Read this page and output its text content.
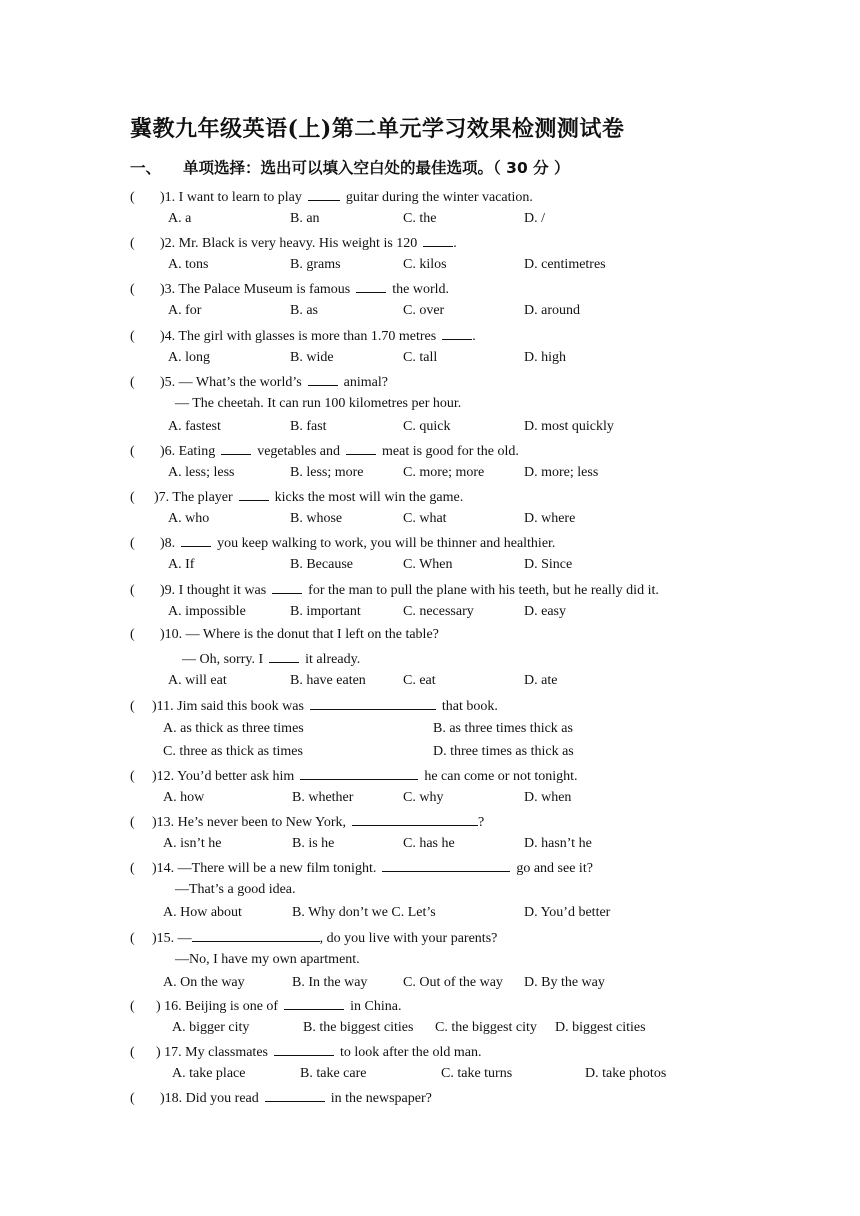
冀教九年级英语(上)第二单元学习效果检测测试卷
一、 单项选择：选出可以填入空白处的最佳选项。（ 30 分 ）
( )1. I want to learn to play	guitar during the winter vacation.
A. a	B. an	C. the	D. /
( )2. Mr. Black is very heavy. His weight is 120	.
A. tons	B. grams	C. kilos	D. centimetres
( )3. The Palace Museum is famous	the world.
A. for	B. as	C. over	D. around
( )4. The girl with glasses is more than 1.70 metres	.
A. long	B. wide	C. tall	D. high
( )5. — What’s the world’s	animal?
— The cheetah. It can run 100 kilometres per hour.
A. fastest	B. fast	C. quick	D. most quickly
( )6. Eating	vegetables and	meat is good for the old.
A. less; less	B. less; more	C. more; more	D. more; less
( )7. The player	kicks the most will win the game.
A. who	B. whose	C. what	D. where
( )8.	you keep walking to work, you will be thinner and healthier.
A. If	B. Because	C. When	D. Since
( )9. I thought it was	for the man to pull the plane with his teeth, but he really did it.
A. impossible	B. important	C. necessary	D. easy
( )10. — Where is the donut that I left on the table?
— Oh, sorry. I	it already.
A. will eat	B. have eaten	C. eat	D. ate
( )11. Jim said this book was	that book.
A. as thick as three times	B. as three times thick as
C. three as thick as times	D. three times as thick as
( )12. You’d better ask him	he can come or not tonight.
A. how	B. whether	C. why	D. when
( )13. He’s never been to New York,	?
A. isn’t he	B. is he	C. has he	D. hasn’t he
( )14. —There will be a new film tonight.	go and see it?
—That’s a good idea.
A. How about	B. Why don’t we C. Let’s	D. You’d better
( )15. —	, do you live with your parents?
—No, I have my own apartment.
A. On the way	B. In the way	C. Out of the way D. By the way
( ) 16. Beijing is one of	in China.
A. bigger city	B. the biggest cities C. the biggest city D. biggest cities
( ) 17. My classmates	to look after the old man.
A. take place	B. take care	C. take turns	D. take photos
( )18. Did you read	in the newspaper?
